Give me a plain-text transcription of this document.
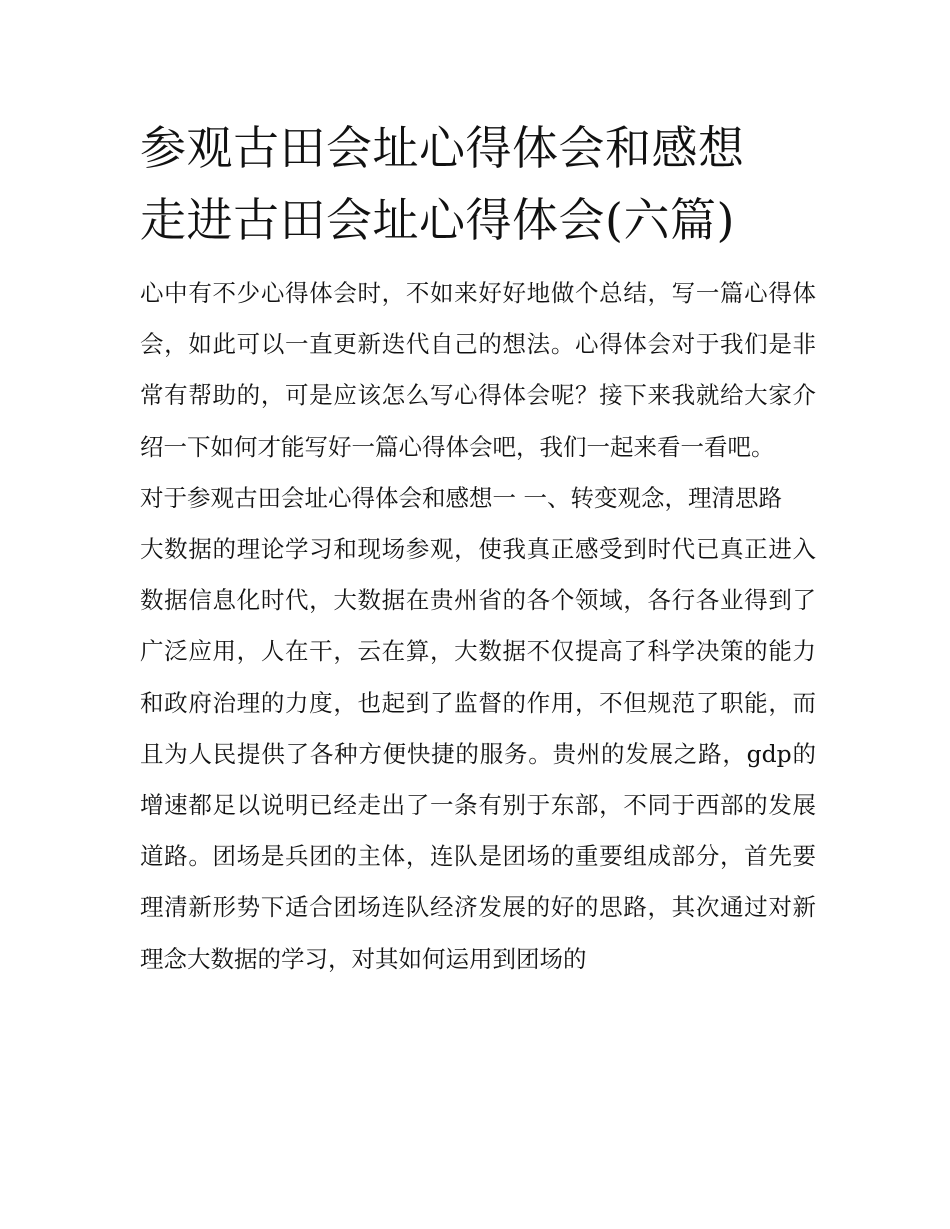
参观古田会址心得体会和感想
走进古田会址心得体会(六篇)

心中有不少心得体会时，不如来好好地做个总结，写一篇心得体会，如此可以一直更新迭代自己的想法。心得体会对于我们是非常有帮助的，可是应该怎么写心得体会呢？接下来我就给大家介绍一下如何才能写好一篇心得体会吧，我们一起来看一看吧。

对于参观古田会址心得体会和感想一 一、转变观念，理清思路

大数据的理论学习和现场参观，使我真正感受到时代已真正进入数据信息化时代，大数据在贵州省的各个领域，各行各业得到了广泛应用，人在干，云在算，大数据不仅提高了科学决策的能力和政府治理的力度，也起到了监督的作用，不但规范了职能，而且为人民提供了各种方便快捷的服务。贵州的发展之路，gdp的增速都足以说明已经走出了一条有别于东部，不同于西部的发展道路。团场是兵团的主体，连队是团场的重要组成部分，首先要理清新形势下适合团场连队经济发展的好的思路，其次通过对新理念大数据的学习，对其如何运用到团场的
